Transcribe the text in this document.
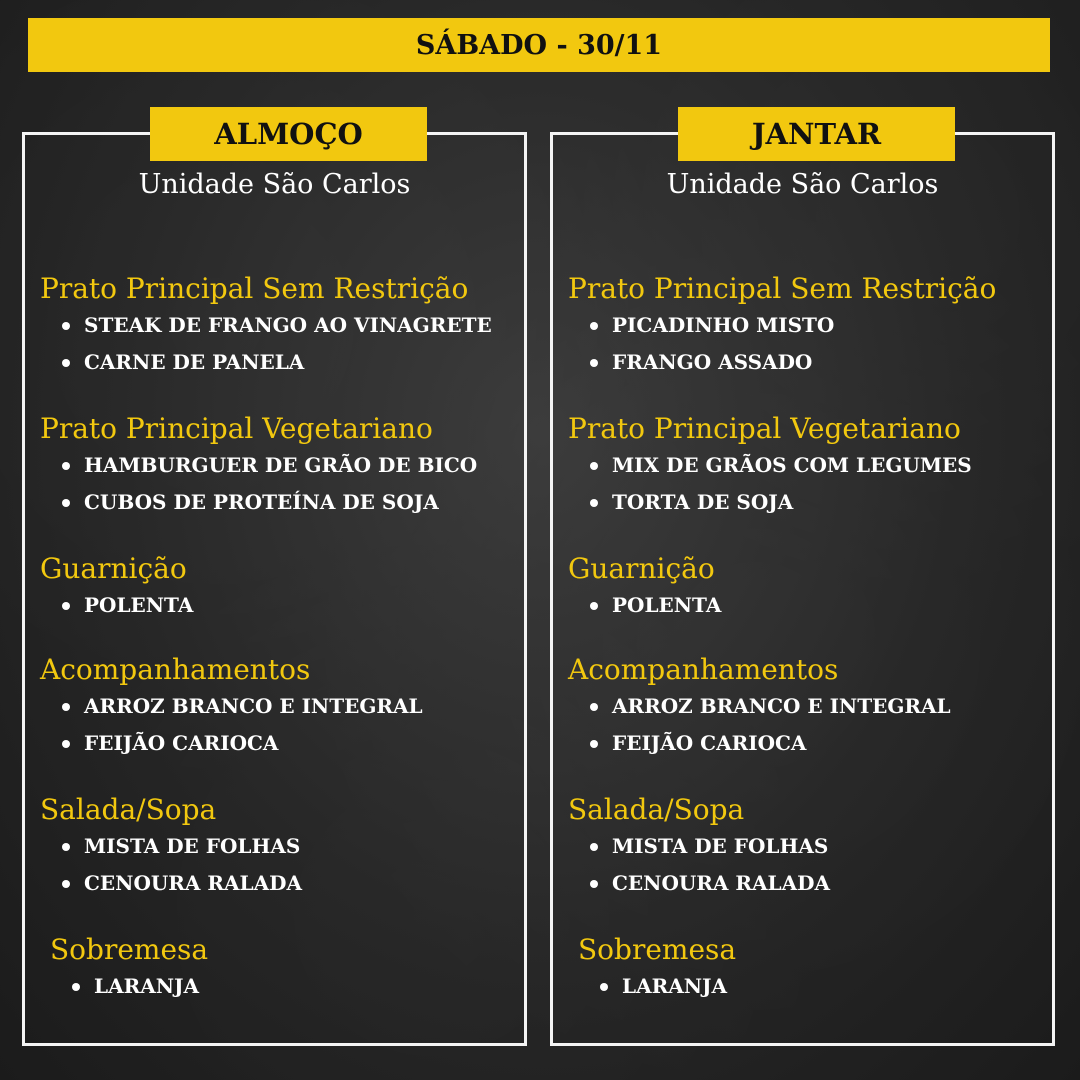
SÁBADO - 30/11
ALMOÇO
Unidade São Carlos
Prato Principal Sem Restrição
STEAK DE FRANGO AO VINAGRETE
CARNE DE PANELA
Prato Principal Vegetariano
HAMBURGUER DE GRÃO DE BICO
CUBOS DE PROTEÍNA DE SOJA
Guarnição
POLENTA
Acompanhamentos
ARROZ BRANCO E INTEGRAL
FEIJÃO CARIOCA
Salada/Sopa
MISTA DE FOLHAS
CENOURA RALADA
Sobremesa
LARANJA
JANTAR
Unidade São Carlos
Prato Principal Sem Restrição
PICADINHO MISTO
FRANGO ASSADO
Prato Principal Vegetariano
MIX DE GRÃOS COM LEGUMES
TORTA DE SOJA
Guarnição
POLENTA
Acompanhamentos
ARROZ BRANCO E INTEGRAL
FEIJÃO CARIOCA
Salada/Sopa
MISTA DE FOLHAS
CENOURA RALADA
Sobremesa
LARANJA
